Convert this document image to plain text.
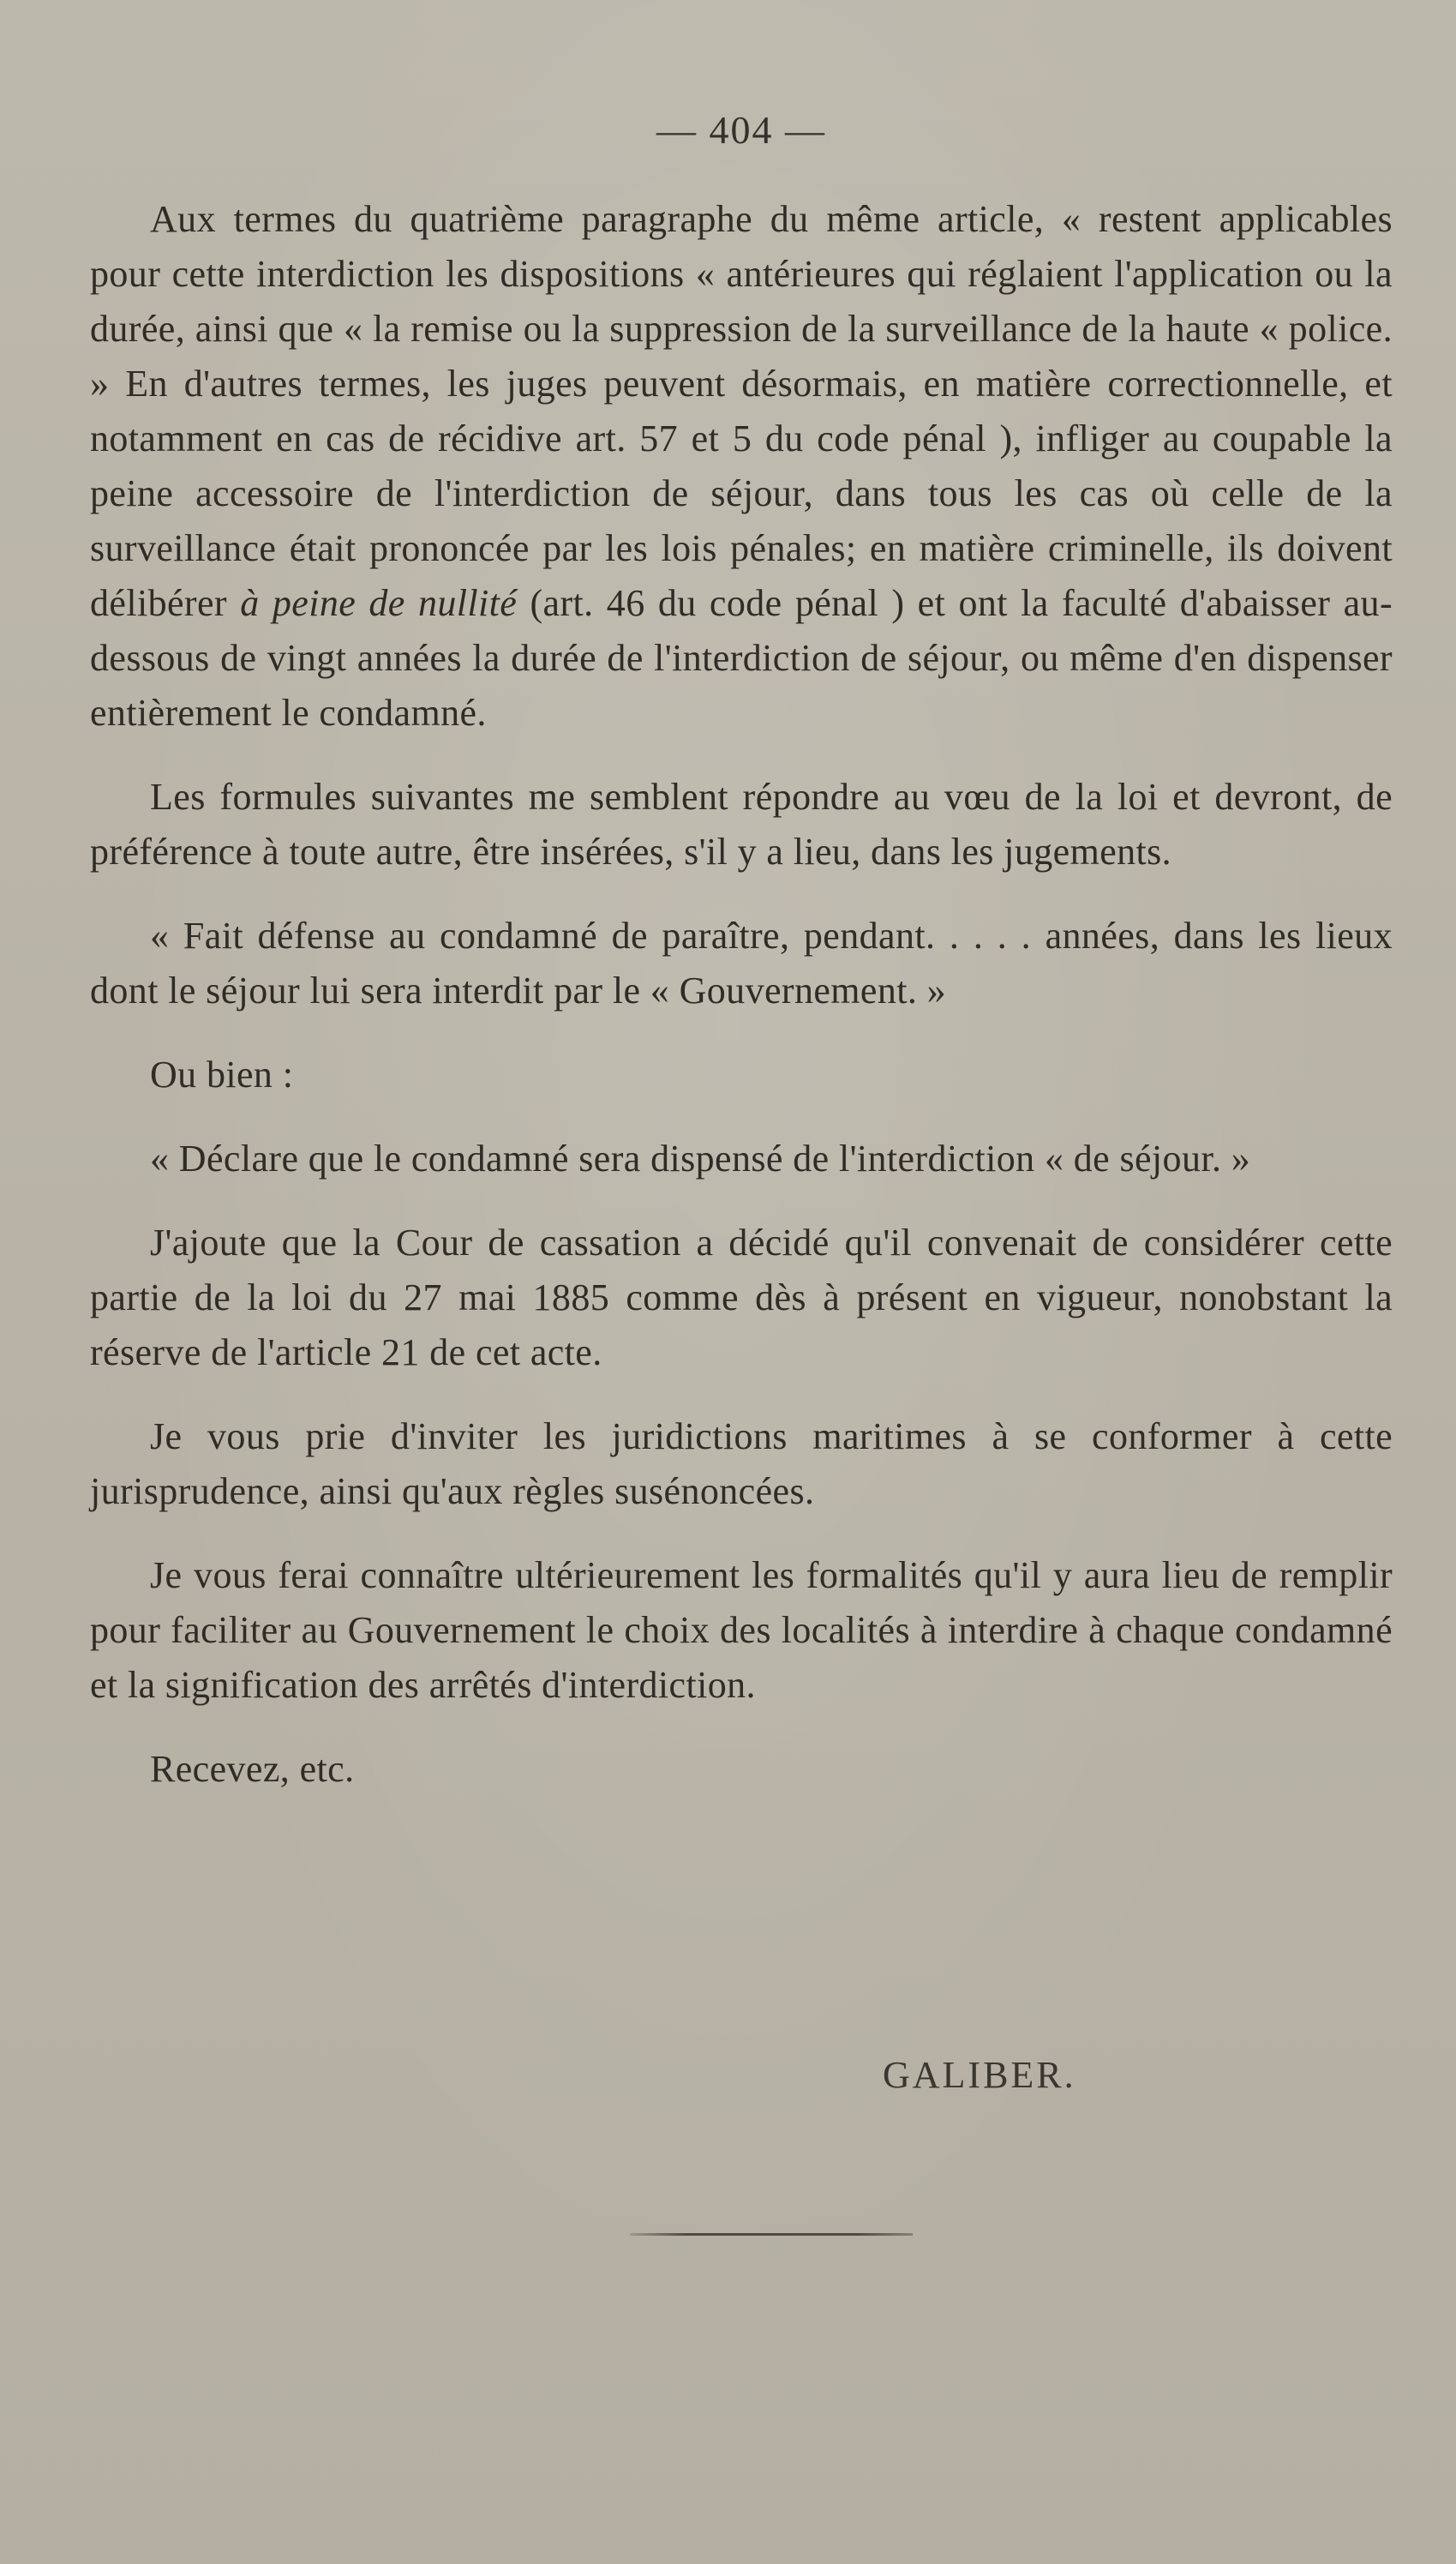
— 404 —

Aux termes du quatrième paragraphe du même article, « restent applicables pour cette interdiction les dispositions « antérieures qui réglaient l'application ou la durée, ainsi que « la remise ou la suppression de la surveillance de la haute « police. » En d'autres termes, les juges peuvent désormais, en matière correctionnelle, et notamment en cas de récidive art. 57 et 5 du code pénal ), infliger au coupable la peine accessoire de l'interdiction de séjour, dans tous les cas où celle de la surveillance était prononcée par les lois pénales; en matière criminelle, ils doivent délibérer à peine de nullité (art. 46 du code pénal ) et ont la faculté d'abaisser au-dessous de vingt années la durée de l'interdiction de séjour, ou même d'en dispenser entièrement le condamné.

Les formules suivantes me semblent répondre au vœu de la loi et devront, de préférence à toute autre, être insérées, s'il y a lieu, dans les jugements.

« Fait défense au condamné de paraître, pendant. . . . . années, dans les lieux dont le séjour lui sera interdit par le « Gouvernement. »

Ou bien :

« Déclare que le condamné sera dispensé de l'interdiction « de séjour. »

J'ajoute que la Cour de cassation a décidé qu'il convenait de considérer cette partie de la loi du 27 mai 1885 comme dès à présent en vigueur, nonobstant la réserve de l'article 21 de cet acte.

Je vous prie d'inviter les juridictions maritimes à se conformer à cette jurisprudence, ainsi qu'aux règles susénoncées.

Je vous ferai connaître ultérieurement les formalités qu'il y aura lieu de remplir pour faciliter au Gouvernement le choix des localités à interdire à chaque condamné et la signification des arrêtés d'interdiction.

Recevez, etc.

GALIBER.
